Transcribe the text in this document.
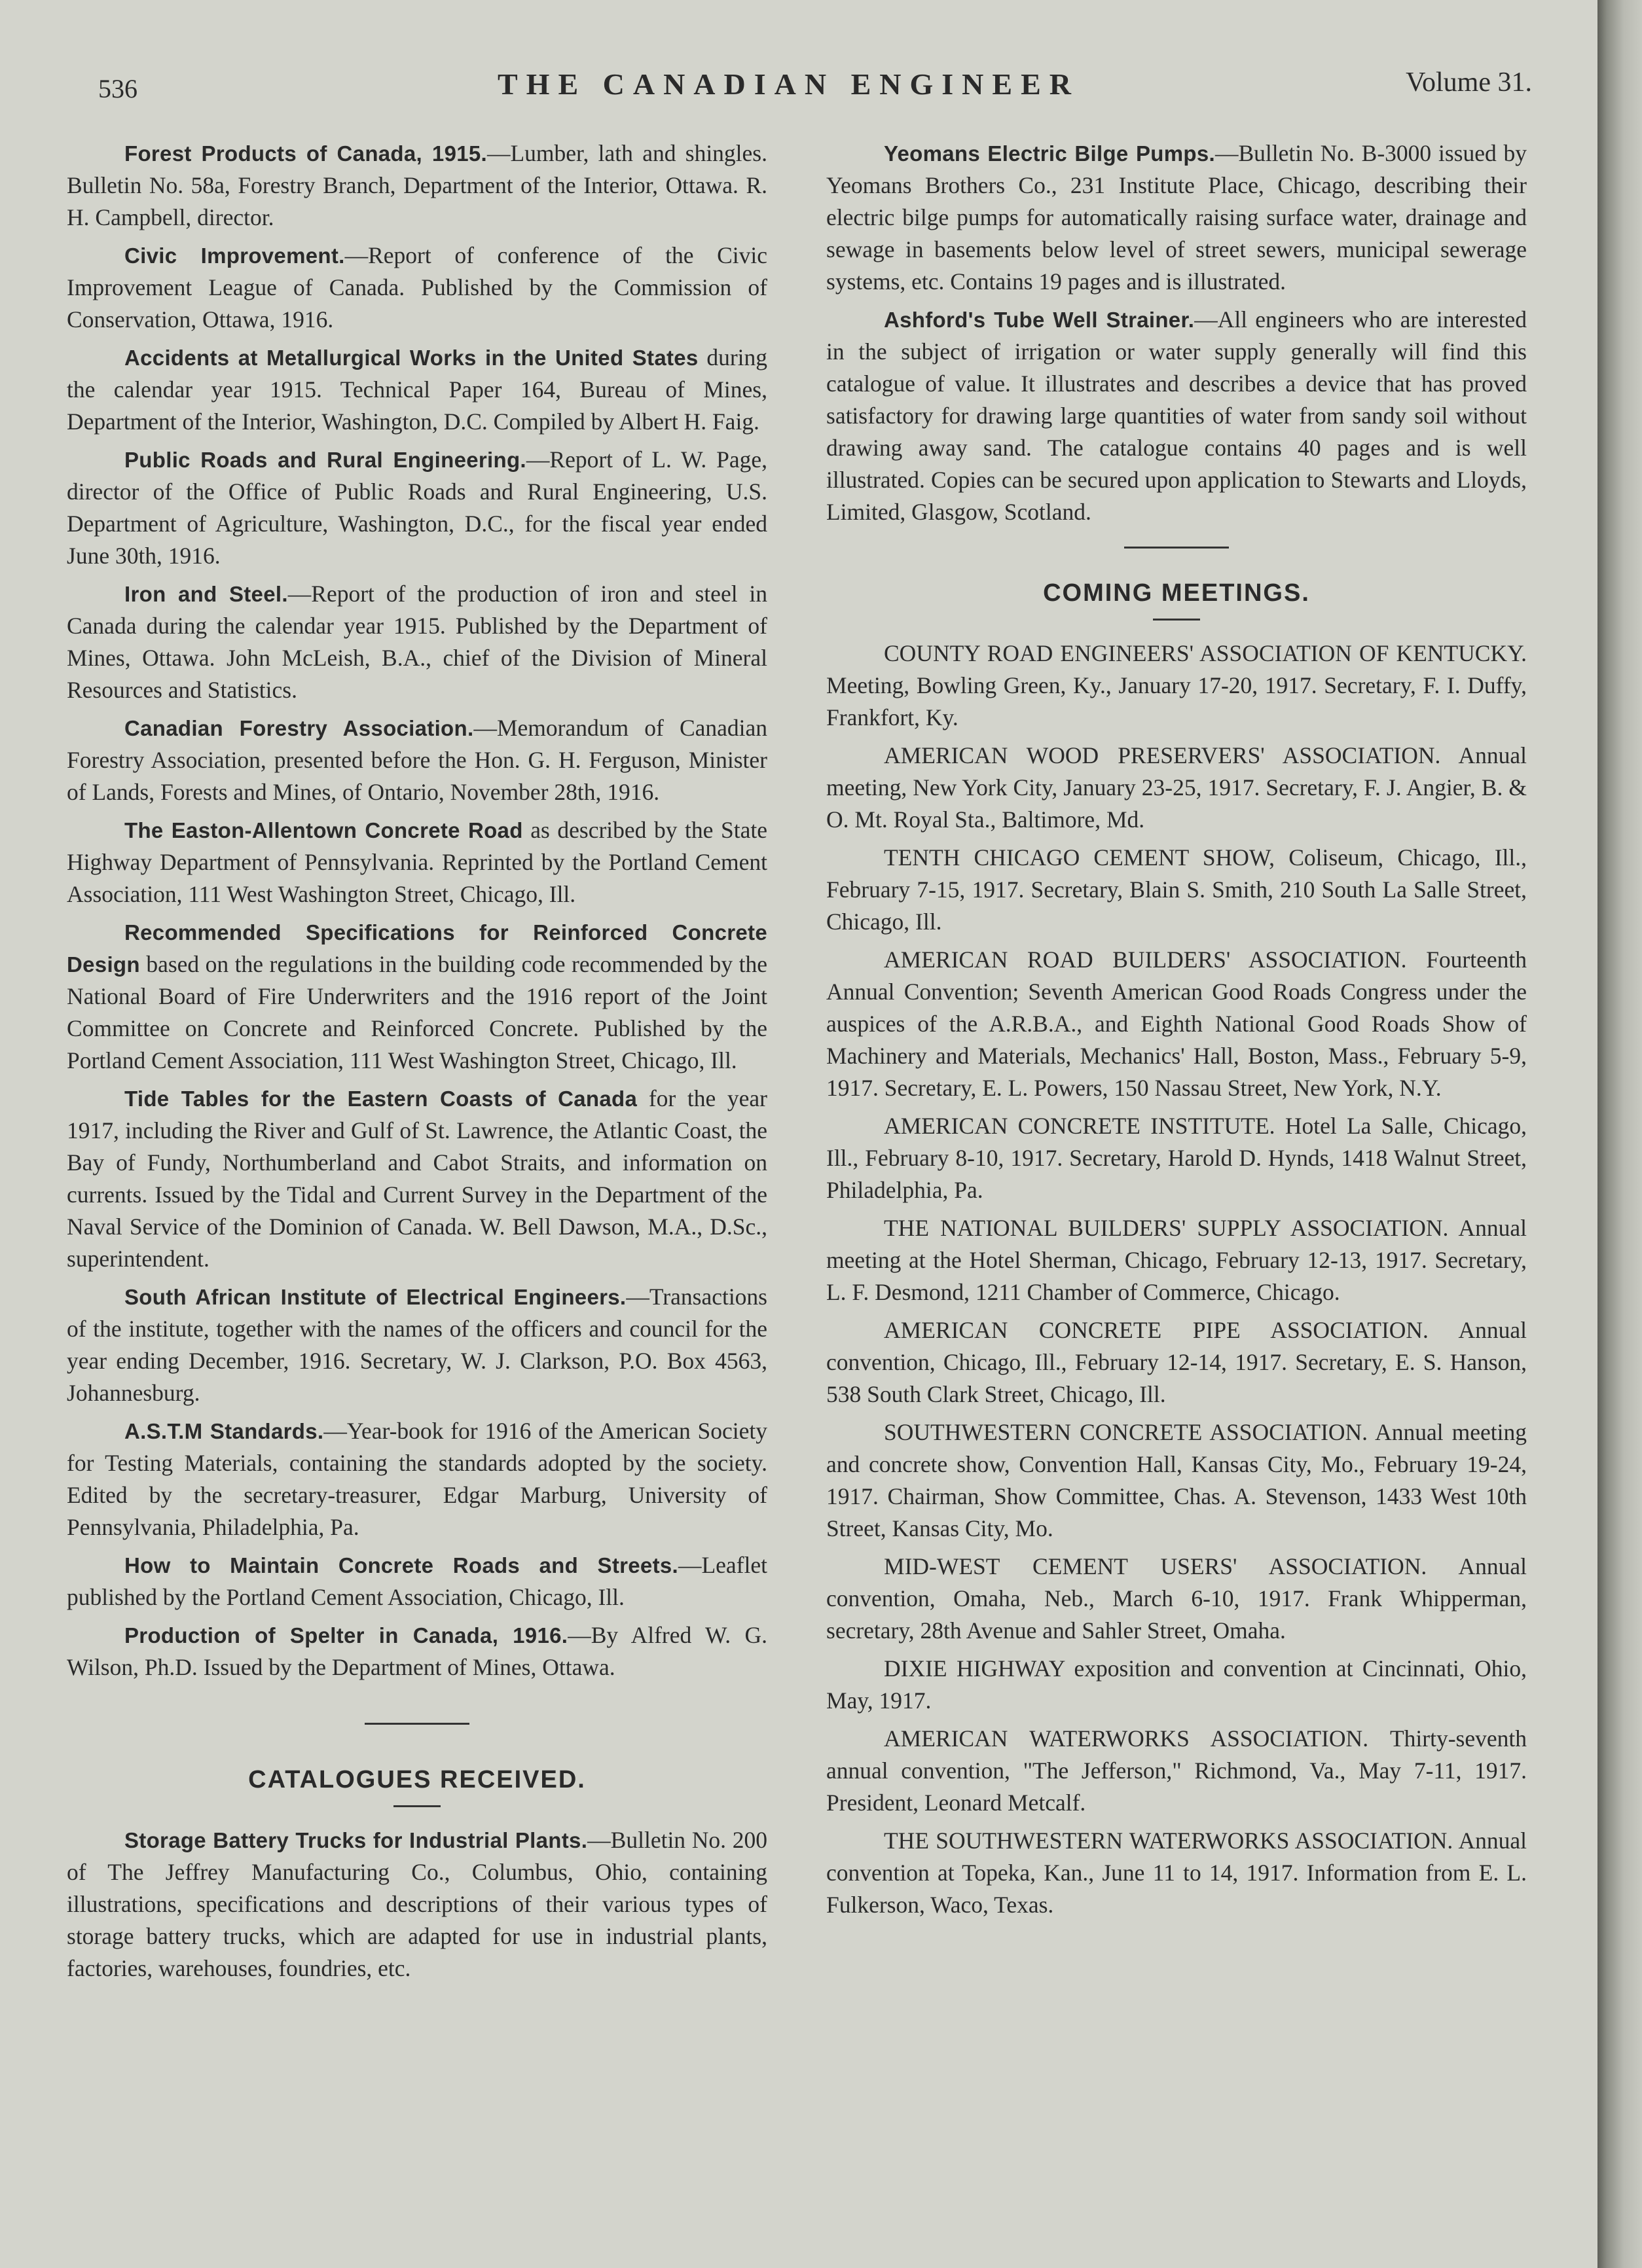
536	THE CANADIAN ENGINEER	Volume 31.

Forest Products of Canada, 1915.—Lumber, lath and shingles. Bulletin No. 58a, Forestry Branch, Department of the Interior, Ottawa. R. H. Campbell, director.

Civic Improvement.—Report of conference of the Civic Improvement League of Canada. Published by the Commission of Conservation, Ottawa, 1916.

Accidents at Metallurgical Works in the United States during the calendar year 1915. Technical Paper 164, Bureau of Mines, Department of the Interior, Washington, D.C. Compiled by Albert H. Faig.

Public Roads and Rural Engineering.—Report of L. W. Page, director of the Office of Public Roads and Rural Engineering, U.S. Department of Agriculture, Washington, D.C., for the fiscal year ended June 30th, 1916.

Iron and Steel.—Report of the production of iron and steel in Canada during the calendar year 1915. Published by the Department of Mines, Ottawa. John McLeish, B.A., chief of the Division of Mineral Resources and Statistics.

Canadian Forestry Association.—Memorandum of Canadian Forestry Association, presented before the Hon. G. H. Ferguson, Minister of Lands, Forests and Mines, of Ontario, November 28th, 1916.

The Easton-Allentown Concrete Road as described by the State Highway Department of Pennsylvania. Reprinted by the Portland Cement Association, 111 West Washington Street, Chicago, Ill.

Recommended Specifications for Reinforced Concrete Design based on the regulations in the building code recommended by the National Board of Fire Underwriters and the 1916 report of the Joint Committee on Concrete and Reinforced Concrete. Published by the Portland Cement Association, 111 West Washington Street, Chicago, Ill.

Tide Tables for the Eastern Coasts of Canada for the year 1917, including the River and Gulf of St. Lawrence, the Atlantic Coast, the Bay of Fundy, Northumberland and Cabot Straits, and information on currents. Issued by the Tidal and Current Survey in the Department of the Naval Service of the Dominion of Canada. W. Bell Dawson, M.A., D.Sc., superintendent.

South African Institute of Electrical Engineers.—Transactions of the institute, together with the names of the officers and council for the year ending December, 1916. Secretary, W. J. Clarkson, P.O. Box 4563, Johannesburg.

A.S.T.M Standards.—Year-book for 1916 of the American Society for Testing Materials, containing the standards adopted by the society. Edited by the secretary-treasurer, Edgar Marburg, University of Pennsylvania, Philadelphia, Pa.

How to Maintain Concrete Roads and Streets.—Leaflet published by the Portland Cement Association, Chicago, Ill.

Production of Spelter in Canada, 1916.—By Alfred W. G. Wilson, Ph.D. Issued by the Department of Mines, Ottawa.

CATALOGUES RECEIVED.

Storage Battery Trucks for Industrial Plants.—Bulletin No. 200 of The Jeffrey Manufacturing Co., Columbus, Ohio, containing illustrations, specifications and descriptions of their various types of storage battery trucks, which are adapted for use in industrial plants, factories, warehouses, foundries, etc.

Yeomans Electric Bilge Pumps.—Bulletin No. B-3000 issued by Yeomans Brothers Co., 231 Institute Place, Chicago, describing their electric bilge pumps for automatically raising surface water, drainage and sewage in basements below level of street sewers, municipal sewerage systems, etc. Contains 19 pages and is illustrated.

Ashford's Tube Well Strainer.—All engineers who are interested in the subject of irrigation or water supply generally will find this catalogue of value. It illustrates and describes a device that has proved satisfactory for drawing large quantities of water from sandy soil without drawing away sand. The catalogue contains 40 pages and is well illustrated. Copies can be secured upon application to Stewarts and Lloyds, Limited, Glasgow, Scotland.

COMING MEETINGS.

COUNTY ROAD ENGINEERS' ASSOCIATION OF KENTUCKY. Meeting, Bowling Green, Ky., January 17-20, 1917. Secretary, F. I. Duffy, Frankfort, Ky.

AMERICAN WOOD PRESERVERS' ASSOCIATION. Annual meeting, New York City, January 23-25, 1917. Secretary, F. J. Angier, B. & O. Mt. Royal Sta., Baltimore, Md.

TENTH CHICAGO CEMENT SHOW, Coliseum, Chicago, Ill., February 7-15, 1917. Secretary, Blain S. Smith, 210 South La Salle Street, Chicago, Ill.

AMERICAN ROAD BUILDERS' ASSOCIATION. Fourteenth Annual Convention; Seventh American Good Roads Congress under the auspices of the A.R.B.A., and Eighth National Good Roads Show of Machinery and Materials, Mechanics' Hall, Boston, Mass., February 5-9, 1917. Secretary, E. L. Powers, 150 Nassau Street, New York, N.Y.

AMERICAN CONCRETE INSTITUTE. Hotel La Salle, Chicago, Ill., February 8-10, 1917. Secretary, Harold D. Hynds, 1418 Walnut Street, Philadelphia, Pa.

THE NATIONAL BUILDERS' SUPPLY ASSOCIATION. Annual meeting at the Hotel Sherman, Chicago, February 12-13, 1917. Secretary, L. F. Desmond, 1211 Chamber of Commerce, Chicago.

AMERICAN CONCRETE PIPE ASSOCIATION. Annual convention, Chicago, Ill., February 12-14, 1917. Secretary, E. S. Hanson, 538 South Clark Street, Chicago, Ill.

SOUTHWESTERN CONCRETE ASSOCIATION. Annual meeting and concrete show, Convention Hall, Kansas City, Mo., February 19-24, 1917. Chairman, Show Committee, Chas. A. Stevenson, 1433 West 10th Street, Kansas City, Mo.

MID-WEST CEMENT USERS' ASSOCIATION. Annual convention, Omaha, Neb., March 6-10, 1917. Frank Whipperman, secretary, 28th Avenue and Sahler Street, Omaha.

DIXIE HIGHWAY exposition and convention at Cincinnati, Ohio, May, 1917.

AMERICAN WATERWORKS ASSOCIATION. Thirty-seventh annual convention, "The Jefferson," Richmond, Va., May 7-11, 1917. President, Leonard Metcalf.

THE SOUTHWESTERN WATERWORKS ASSOCIATION. Annual convention at Topeka, Kan., June 11 to 14, 1917. Information from E. L. Fulkerson, Waco, Texas.
